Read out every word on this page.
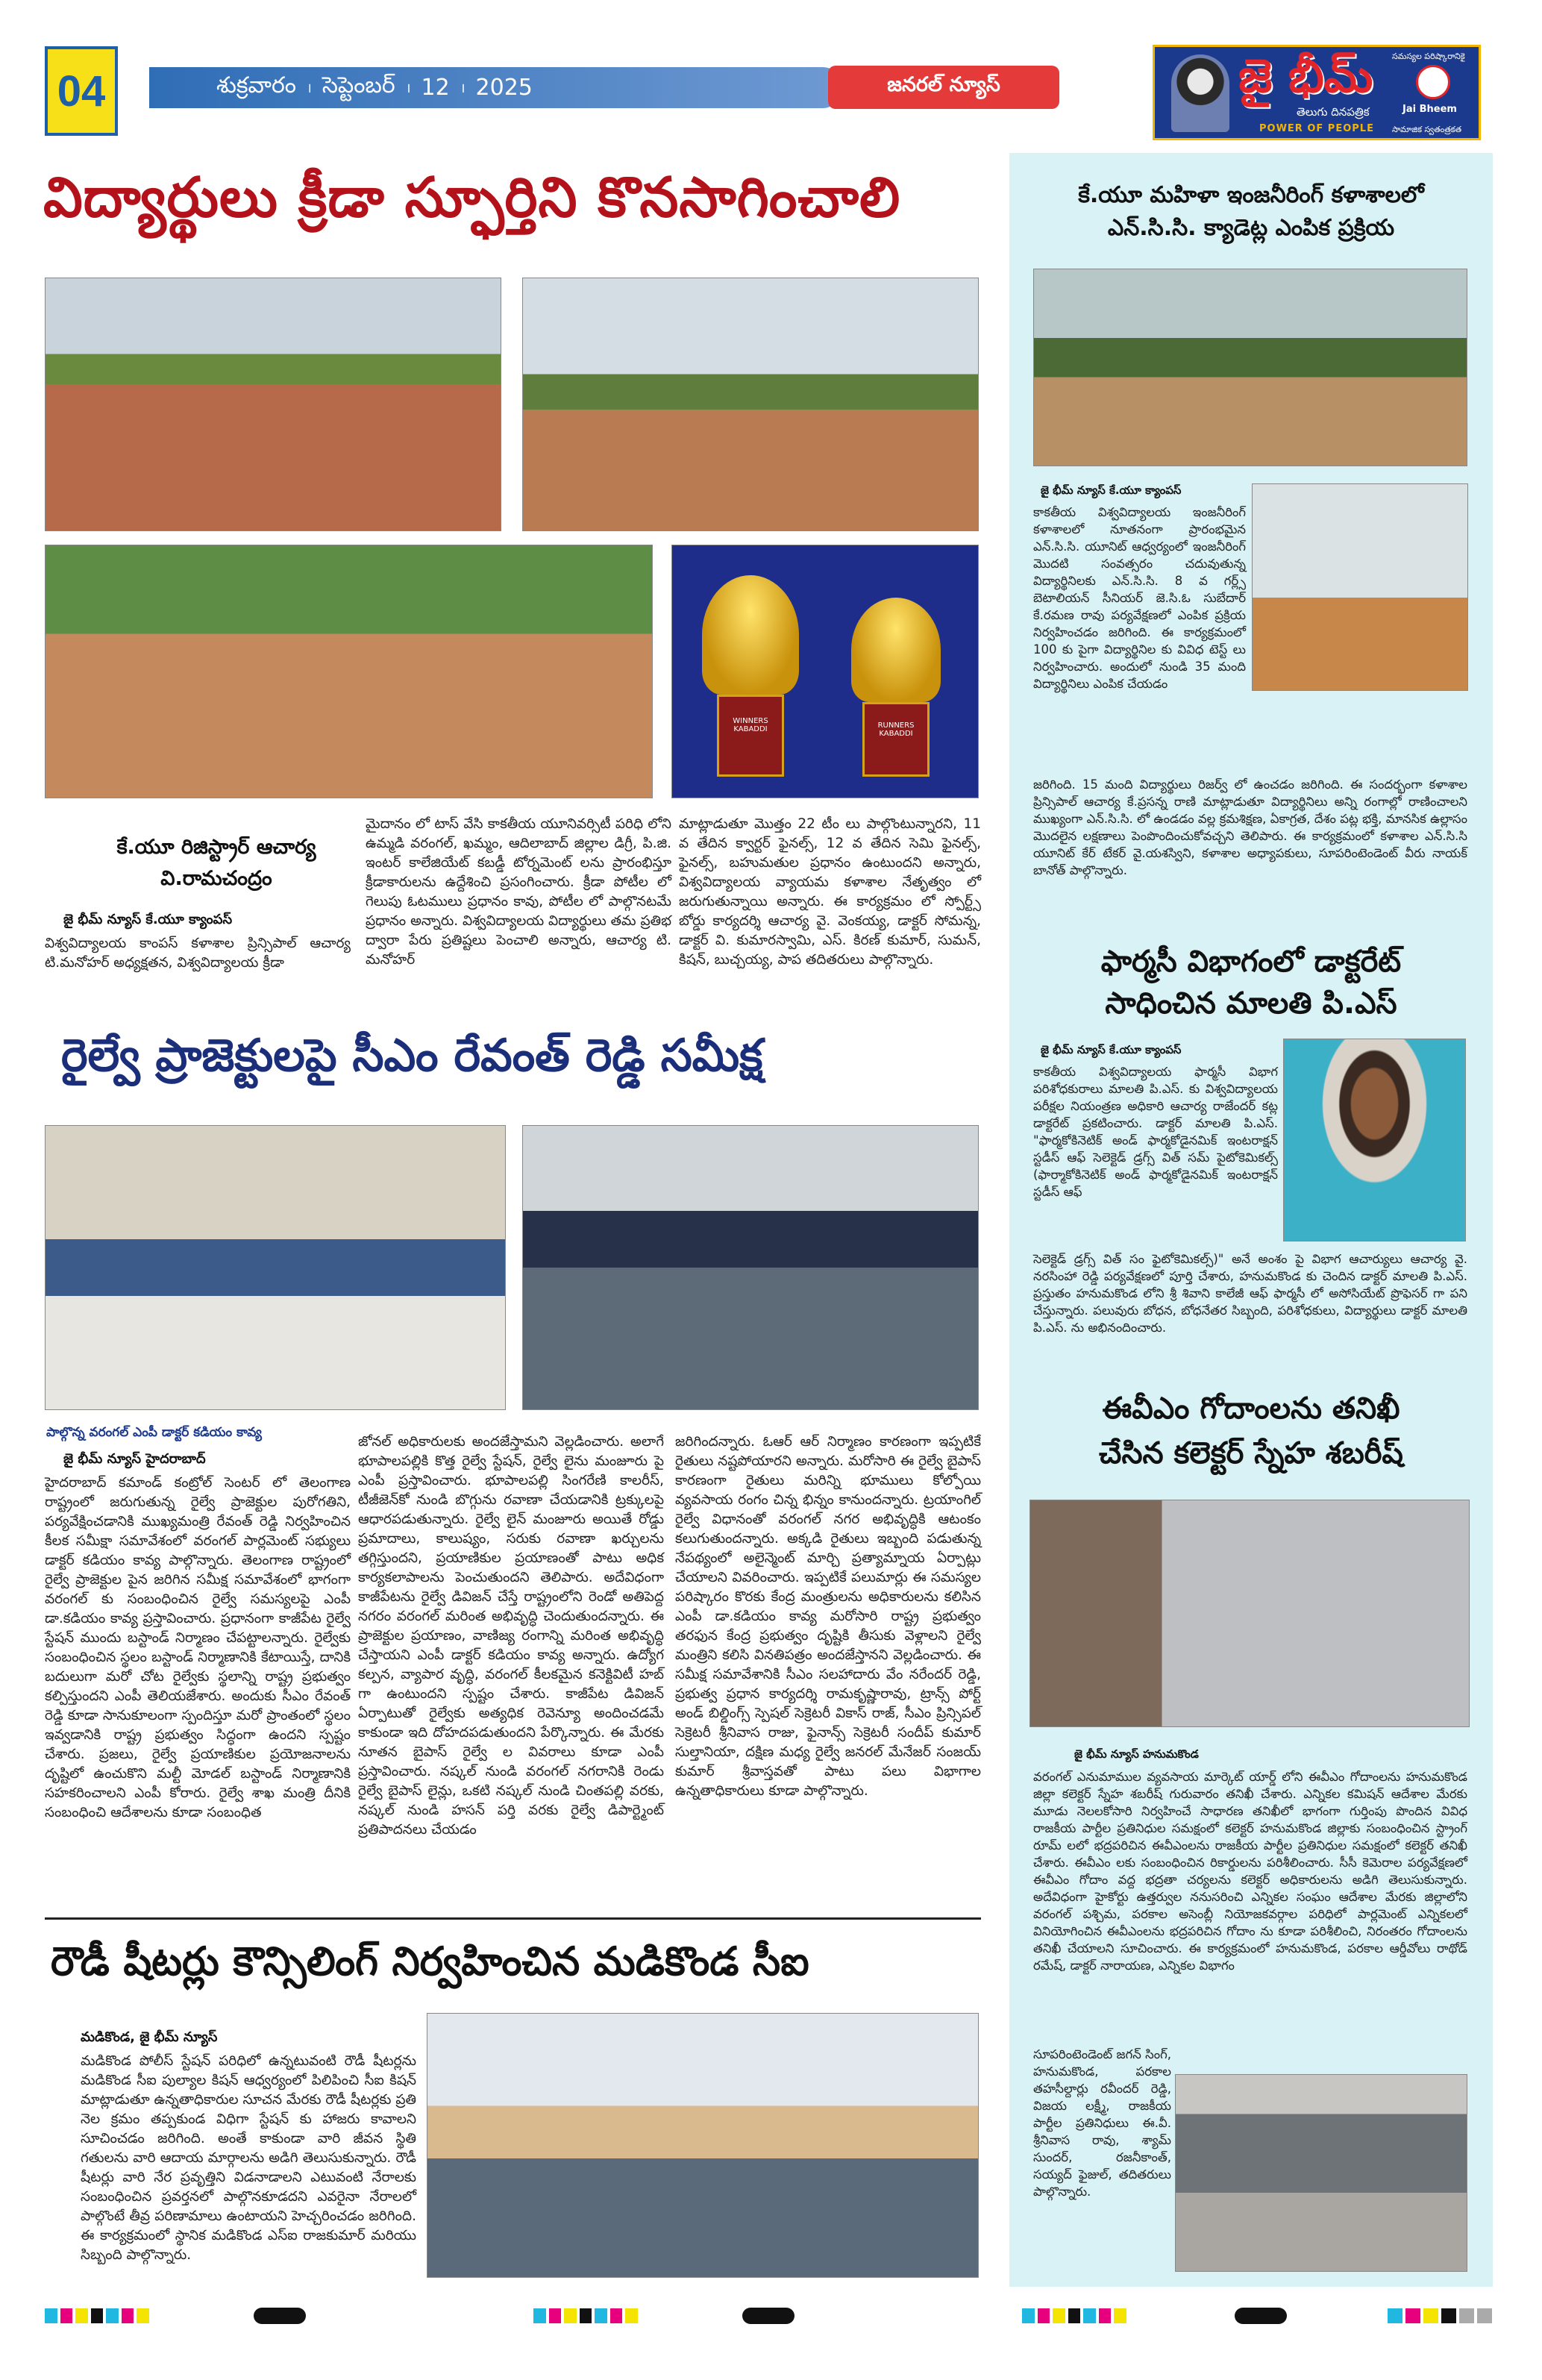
04	శుక్రవారం । సెప్టెంబర్ । 12 । 2025	జనరల్ న్యూస్	జై భీమ్
తెలుగు దినపత్రిక
POWER OF PEOPLE
సమస్యల పరిష్కారానికై
Jai Bheem
సామాజిక స్వతంత్రకత
విద్యార్థులు క్రీడా స్ఫూర్తిని కొనసాగించాలి
WINNERS KABADDI	RUNNERS KABADDI
కే.యూ రిజిస్ట్రార్ ఆచార్య వి.రామచంద్రం
జై భీమ్ న్యూస్ కే.యూ క్యాంపస్
విశ్వవిద్యాలయ కాంపస్ కళాశాల ప్రిన్సిపాల్ ఆచార్య టి.మనోహర్ అధ్యక్షతన, విశ్వవిద్యాలయ క్రీడా
మైదానం లో టాస్ వేసి కాకతీయ యూనివర్సిటీ పరిధి లోని ఉమ్మడి వరంగల్, ఖమ్మం, ఆదిలాబాద్ జిల్లాల డిగ్రీ, పి.జి. ఇంటర్ కాలేజియేట్ కబడ్డీ టోర్నమెంట్ లను ప్రారంభిస్తూ క్రీడాకారులను ఉద్దేశించి ప్రసంగించారు. క్రీడా పోటీల లో గెలుపు ఓటములు ప్రధానం కావు, పోటీల లో పాల్గొనటమే ప్రధానం అన్నారు. విశ్వవిద్యాలయ విద్యార్థులు తమ ప్రతిభ ద్వారా పేరు ప్రతిష్టలు పెంచాలి అన్నారు, ఆచార్య టి. మనోహర్
మాట్లాడుతూ మొత్తం 22 టీం లు పాల్గొంటున్నారని, 11 వ తేదిన క్వార్టర్ ఫైనల్స్, 12 వ తేదిన సెమి ఫైనల్స్, ఫైనల్స్, బహుమతుల ప్రధానం ఉంటుందని అన్నారు, విశ్వవిద్యాలయ వ్యాయమ కళాశాల నేతృత్వం లో జరుగుతున్నాయి అన్నారు. ఈ కార్యక్రమం లో స్పోర్ట్స్ బోర్డు కార్యదర్శి ఆచార్య వై. వెంకయ్య, డాక్టర్ సోమన్న, డాక్టర్ వి. కుమారస్వామి, ఎస్. కిరణ్ కుమార్, సుమన్, కిషన్, బుచ్చయ్య, పాప తదితరులు పాల్గొన్నారు.
రైల్వే ప్రాజెక్టులపై సీఎం రేవంత్ రెడ్డి సమీక్ష
పాల్గొన్న వరంగల్ ఎంపీ డాక్టర్ కడియం కావ్య
జై భీమ్ న్యూస్ హైదరాబాద్
హైదరాబాద్ కమాండ్ కంట్రోల్ సెంటర్ లో తెలంగాణ రాష్ట్రంలో జరుగుతున్న రైల్వే ప్రాజెక్టుల పురోగతిని, పర్యవేక్షించడానికి ముఖ్యమంత్రి రేవంత్ రెడ్డి నిర్వహించిన కీలక సమీక్షా సమావేశంలో వరంగల్ పార్లమెంట్ సభ్యులు డాక్టర్ కడియం కావ్య పాల్గొన్నారు. తెలంగాణ రాష్ట్రంలో రైల్వే ప్రాజెక్టుల పైన జరిగిన సమీక్ష సమావేశంలో భాగంగా వరంగల్ కు సంబంధించిన రైల్వే సమస్యలపై ఎంపీ డా.కడియం కావ్య ప్రస్తావించారు. ప్రధానంగా కాజీపేట రైల్వే స్టేషన్ ముందు బస్టాండ్ నిర్మాణం చేపట్టాలన్నారు. రైల్వేకు సంబంధించిన స్థలం బస్టాండ్ నిర్మాణానికి కేటాయిస్తే, దానికి బదులుగా మరో చోట రైల్వేకు స్థలాన్ని రాష్ట్ర ప్రభుత్వం కల్పిస్తుందని ఎంపీ తెలియజేశారు. అందుకు సీఎం రేవంత్ రెడ్డి కూడా సానుకూలంగా స్పందిస్తూ మరో ప్రాంతంలో స్థలం ఇవ్వడానికి రాష్ట్ర ప్రభుత్వం సిద్ధంగా ఉందని స్పష్టం చేశారు. ప్రజలు, రైల్వే ప్రయాణికుల ప్రయోజనాలను దృష్టిలో ఉంచుకొని మల్టీ మోడల్ బస్టాండ్ నిర్మాణానికి సహకరించాలని ఎంపీ కోరారు. రైల్వే శాఖ మంత్రి దీనికి సంబంధించి ఆదేశాలను కూడా సంబంధిత
జోనల్ అధికారులకు అందజేస్తామని వెల్లడించారు. అలాగే భూపాలపల్లికి కొత్త రైల్వే స్టేషన్, రైల్వే లైను మంజూరు పై ఎంపీ ప్రస్తావించారు. భూపాలపల్లి సింగరేణి కాలరీస్, టీజీజెన్‌కో నుండి బొగ్గును రవాణా చేయడానికి ట్రక్కులపై ఆధారపడుతున్నారు. రైల్వే లైన్ మంజూరు అయితే రోడ్డు ప్రమాదాలు, కాలుష్యం, సరుకు రవాణా ఖర్చులను తగ్గిస్తుందని, ప్రయాణికుల ప్రయాణంతో పాటు అధిక కార్యకలాపాలను పెంచుతుందని తెలిపారు. అదేవిధంగా కాజీపేటను రైల్వే డివిజన్ చేస్తే రాష్ట్రంలోని రెండో అతిపెద్ద నగరం వరంగల్ మరింత అభివృద్ధి చెందుతుందన్నారు. ఈ ప్రాజెక్టుల ప్రయాణం, వాణిజ్య రంగాన్ని మరింత అభివృద్ధి చేస్తాయని ఎంపీ డాక్టర్ కడియం కావ్య అన్నారు. ఉద్యోగ కల్పన, వ్యాపార వృద్ధి, వరంగల్ కీలకమైన కనెక్టివిటీ హబ్ గా ఉంటుందని స్పష్టం చేశారు. కాజీపేట డివిజన్ ఏర్పాటుతో రైల్వేకు అత్యధిక రెవెన్యూ అందించడమే కాకుండా ఇది దోహదపడుతుందని పేర్కొన్నారు. ఈ మేరకు నూతన బైపాస్ రైల్వే ల వివరాలు కూడా ఎంపీ ప్రస్తావించారు. నష్కల్ నుండి వరంగల్ నగరానికి రెండు రైల్వే బైపాస్ లైన్లు, ఒకటి నష్కల్ నుండి చింతపల్లి వరకు, నష్కల్ నుండి హసన్ పర్తి వరకు రైల్వే డిపార్ట్మెంట్ ప్రతిపాదనలు చేయడం
జరిగిందన్నారు. ఓఆర్ ఆర్ నిర్మాణం కారణంగా ఇప్పటికే రైతులు నష్టపోయారని అన్నారు. మరోసారి ఈ రైల్వే బైపాస్ కారణంగా రైతులు మరిన్ని భూములు కోల్పోయి వ్యవసాయ రంగం చిన్న భిన్నం కానుందన్నారు. ట్రయాంగిల్ రైల్వే విధానంతో వరంగల్ నగర అభివృద్ధికి ఆటంకం కలుగుతుందన్నారు. అక్కడి రైతులు ఇబ్బంది పడుతున్న నేపథ్యంలో అలైన్మెంట్ మార్చి ప్రత్యామ్నాయ ఏర్పాట్లు చేయాలని వివరించారు. ఇప్పటికే పలుమార్లు ఈ సమస్యల పరిష్కారం కొరకు కేంద్ర మంత్రులను అధికారులను కలిసిన ఎంపీ డా.కడియం కావ్య మరోసారి రాష్ట్ర ప్రభుత్వం తరఫున కేంద్ర ప్రభుత్వం దృష్టికి తీసుకు వెళ్లాలని రైల్వే మంత్రిని కలిసి వినతిపత్రం అందజేస్తానని వెల్లడించారు. ఈ సమీక్ష సమావేశానికి సీఎం సలహాదారు వేం నరేందర్ రెడ్డి, ప్రభుత్వ ప్రధాన కార్యదర్శి రామకృష్ణారావు, ట్రాన్స్ పోర్ట్ అండ్ బిల్డింగ్స్ స్పెషల్ సెక్రెటరీ వికాస్ రాజ్, సీఎం ప్రిన్సిపల్ సెక్రెటరీ శ్రీనివాస రాజు, ఫైనాన్స్ సెక్రెటరీ సందీప్ కుమార్ సుల్తానియా, దక్షిణ మధ్య రైల్వే జనరల్ మేనేజర్ సంజయ్ కుమార్ శ్రీవాస్తవతో పాటు పలు విభాగాల ఉన్నతాధికారులు కూడా పాల్గొన్నారు.
రౌడీ షీటర్లు కౌన్సిలింగ్ నిర్వహించిన మడికొండ సీఐ
మడికొండ, జై భీమ్ న్యూస్
మడికొండ పోలీస్ స్టేషన్ పరిధిలో ఉన్నటువంటి రౌడీ షీటర్లను మడికొండ సీఐ పుల్యాల కిషన్ ఆధ్వర్యంలో పిలిపించి సీఐ కిషన్ మాట్లాడుతూ ఉన్నతాధికారుల సూచన మేరకు రౌడీ షీటర్లకు ప్రతి నెల క్రమం తప్పకుండ విధిగా స్టేషన్ కు హాజరు కావాలని సూచించడం జరిగింది. అంతే కాకుండా వారి జీవన స్థితి గతులను వారి ఆదాయ మార్గాలను అడిగి తెలుసుకున్నారు. రౌడీ షీటర్లు వారి నేర ప్రవృత్తిని విడనాడాలని ఎటువంటి నేరాలకు సంబంధించిన ప్రవర్తనలో పాల్గొనకూడదని ఎవరైనా నేరాలలో పాల్గొంటే తీవ్ర పరిణామాలు ఉంటాయని హెచ్చరించడం జరిగింది. ఈ కార్యక్రమంలో స్థానిక మడికొండ ఎస్ఐ రాజకుమార్ మరియు సిబ్బంది పాల్గొన్నారు.
కే.యూ మహిళా ఇంజనీరింగ్ కళాశాలలో
ఎన్.సి.సి. క్యాడెట్ల ఎంపిక ప్రక్రియ
జై భీమ్ న్యూస్ కే.యూ క్యాంపస్
కాకతీయ విశ్వవిద్యాలయ ఇంజనీరింగ్ కళాశాలలో నూతనంగా ప్రారంభమైన ఎన్.సి.సి. యూనిట్ ఆధ్వర్యంలో ఇంజనీరింగ్ మొదటి సంవత్సరం చదువుతున్న విద్యార్థినిలకు ఎన్.సి.సి. 8 వ గర్ల్స్ బెటాలియన్ సీనియర్ జె.సి.ఓ సుబేదార్ కే.రమణ రావు పర్యవేక్షణలో ఎంపిక ప్రక్రియ నిర్వహించడం జరిగింది. ఈ కార్యక్రమంలో 100 కు పైగా విద్యార్థినిల కు వివిధ టెస్ట్ లు నిర్వహించారు. అందులో నుండి 35 మంది విద్యార్థినిలు ఎంపిక చేయడం
జరిగింది. 15 మంది విద్యార్థులు రిజర్వ్ లో ఉంచడం జరిగింది. ఈ సందర్భంగా కళాశాల ప్రిన్సిపాల్ ఆచార్య కే.ప్రసన్న రాణి మాట్లాడుతూ విద్యార్థినిలు అన్ని రంగాల్లో రాణించాలని ముఖ్యంగా ఎన్.సి.సి. లో ఉండడం వల్ల క్రమశిక్షణ, ఏకాగ్రత, దేశం పట్ల భక్తి, మానసిక ఉల్లాసం మొదలైన లక్షణాలు పెంపొందించుకోవచ్చని తెలిపారు. ఈ కార్యక్రమంలో కళాశాల ఎన్.సి.సి యూనిట్ కేర్ టేకర్ వై.యశస్విని, కళాశాల అధ్యాపకులు, సూపరింటెండెంట్ వీరు నాయక్ బానోత్ పాల్గొన్నారు.
ఫార్మసీ విభాగంలో డాక్టరేట్
సాధించిన మాలతి పి.ఎస్
జై భీమ్ న్యూస్ కే.యూ క్యాంపస్
కాకతీయ విశ్వవిద్యాలయ ఫార్మసీ విభాగ పరిశోధకురాలు మాలతి పి.ఎస్. కు విశ్వవిద్యాలయ పరీక్షల నియంత్రణ అధికారి ఆచార్య రాజేందర్ కట్ల డాక్టరేట్ ప్రకటించారు. డాక్టర్ మాలతి పి.ఎస్. "ఫార్మకోకినెటిక్ అండ్ ఫార్మకోడైనమిక్ ఇంటరాక్షన్ స్టడీస్ ఆఫ్ సెలెక్టెడ్ డ్రగ్స్ విత్ సమ్ పైటోకెమికల్స్ (ఫార్మాకోకినెటిక్ అండ్ ఫార్మకోడైనమిక్ ఇంటరాక్షన్ స్టడీస్ ఆఫ్
సెలెక్టెడ్ డ్రగ్స్ విత్ సం ఫైటోకెమికల్స్)" అనే అంశం పై విభాగ ఆచార్యులు ఆచార్య వై. నరసింహా రెడ్డి పర్యవేక్షణలో పూర్తి చేశారు, హనుమకొండ కు చెందిన డాక్టర్ మాలతి పి.ఎస్. ప్రస్తుతం హనుమకొండ లోని శ్రీ శివాని కాలేజీ ఆఫ్ ఫార్మసీ లో అసోసియేట్ ప్రొఫెసర్ గా పని చేస్తున్నారు. పలువురు బోధన, బోధనేతర సిబ్బంది, పరిశోధకులు, విద్యార్థులు డాక్టర్ మాలతి పి.ఎస్. ను అభినందించారు.
ఈవీఎం గోదాంలను తనిఖీ
చేసిన కలెక్టర్ స్నేహ శబరీష్
జై భీమ్ న్యూస్ హనుమకొండ
వరంగల్ ఎనుమాముల వ్యవసాయ మార్కెట్ యార్డ్ లోని ఈవీఎం గోదాంలను హనుమకొండ జిల్లా కలెక్టర్ స్నేహ శబరీష్ గురువారం తనిఖీ చేశారు. ఎన్నికల కమిషన్ ఆదేశాల మేరకు మూడు నెలలకోసారి నిర్వహించే సాధారణ తనిఖీలో భాగంగా గుర్తింపు పొందిన వివిధ రాజకీయ పార్టీల ప్రతినిధుల సమక్షంలో కలెక్టర్ హనుమకొండ జిల్లాకు సంబంధించిన స్ట్రాంగ్ రూమ్ లలో భద్రపరిచిన ఈవీఎంలను రాజకీయ పార్టీల ప్రతినిధుల సమక్షంలో కలెక్టర్ తనిఖీ చేశారు. ఈవీఎం లకు సంబంధించిన రికార్డులను పరిశీలించారు. సీసీ కెమెరాల పర్యవేక్షణలో ఈవీఎం గోదాం వద్ద భద్రతా చర్యలను కలెక్టర్ అధికారులను అడిగి తెలుసుకున్నారు. అదేవిధంగా హైకోర్టు ఉత్తర్వుల ననుసరించి ఎన్నికల సంఘం ఆదేశాల మేరకు జిల్లాలోని వరంగల్ పశ్చిమ, పరకాల అసెంబ్లీ నియోజకవర్గాల పరిధిలో పార్లమెంట్ ఎన్నికలలో వినియోగించిన ఈవీఎంలను భద్రపరిచిన గోదాం ను కూడా పరిశీలించి, నిరంతరం గోదాంలను తనిఖీ చేయాలని సూచించారు. ఈ కార్యక్రమంలో హనుమకొండ, పరకాల ఆర్డీవోలు రాథోడ్ రమేష్, డాక్టర్ నారాయణ, ఎన్నికల విభాగం
సూపరింటెండెంట్ జగన్ సింగ్, హనుమకొండ, పరకాల తహసీల్దార్లు రవీందర్ రెడ్డి, విజయ లక్ష్మీ, రాజకీయ పార్టీల ప్రతినిధులు ఈ.వీ. శ్రీనివాస రావు, శ్యామ్ సుందర్, రజనీకాంత్, సయ్యద్ ఫైజుల్, తదితరులు పాల్గొన్నారు.
